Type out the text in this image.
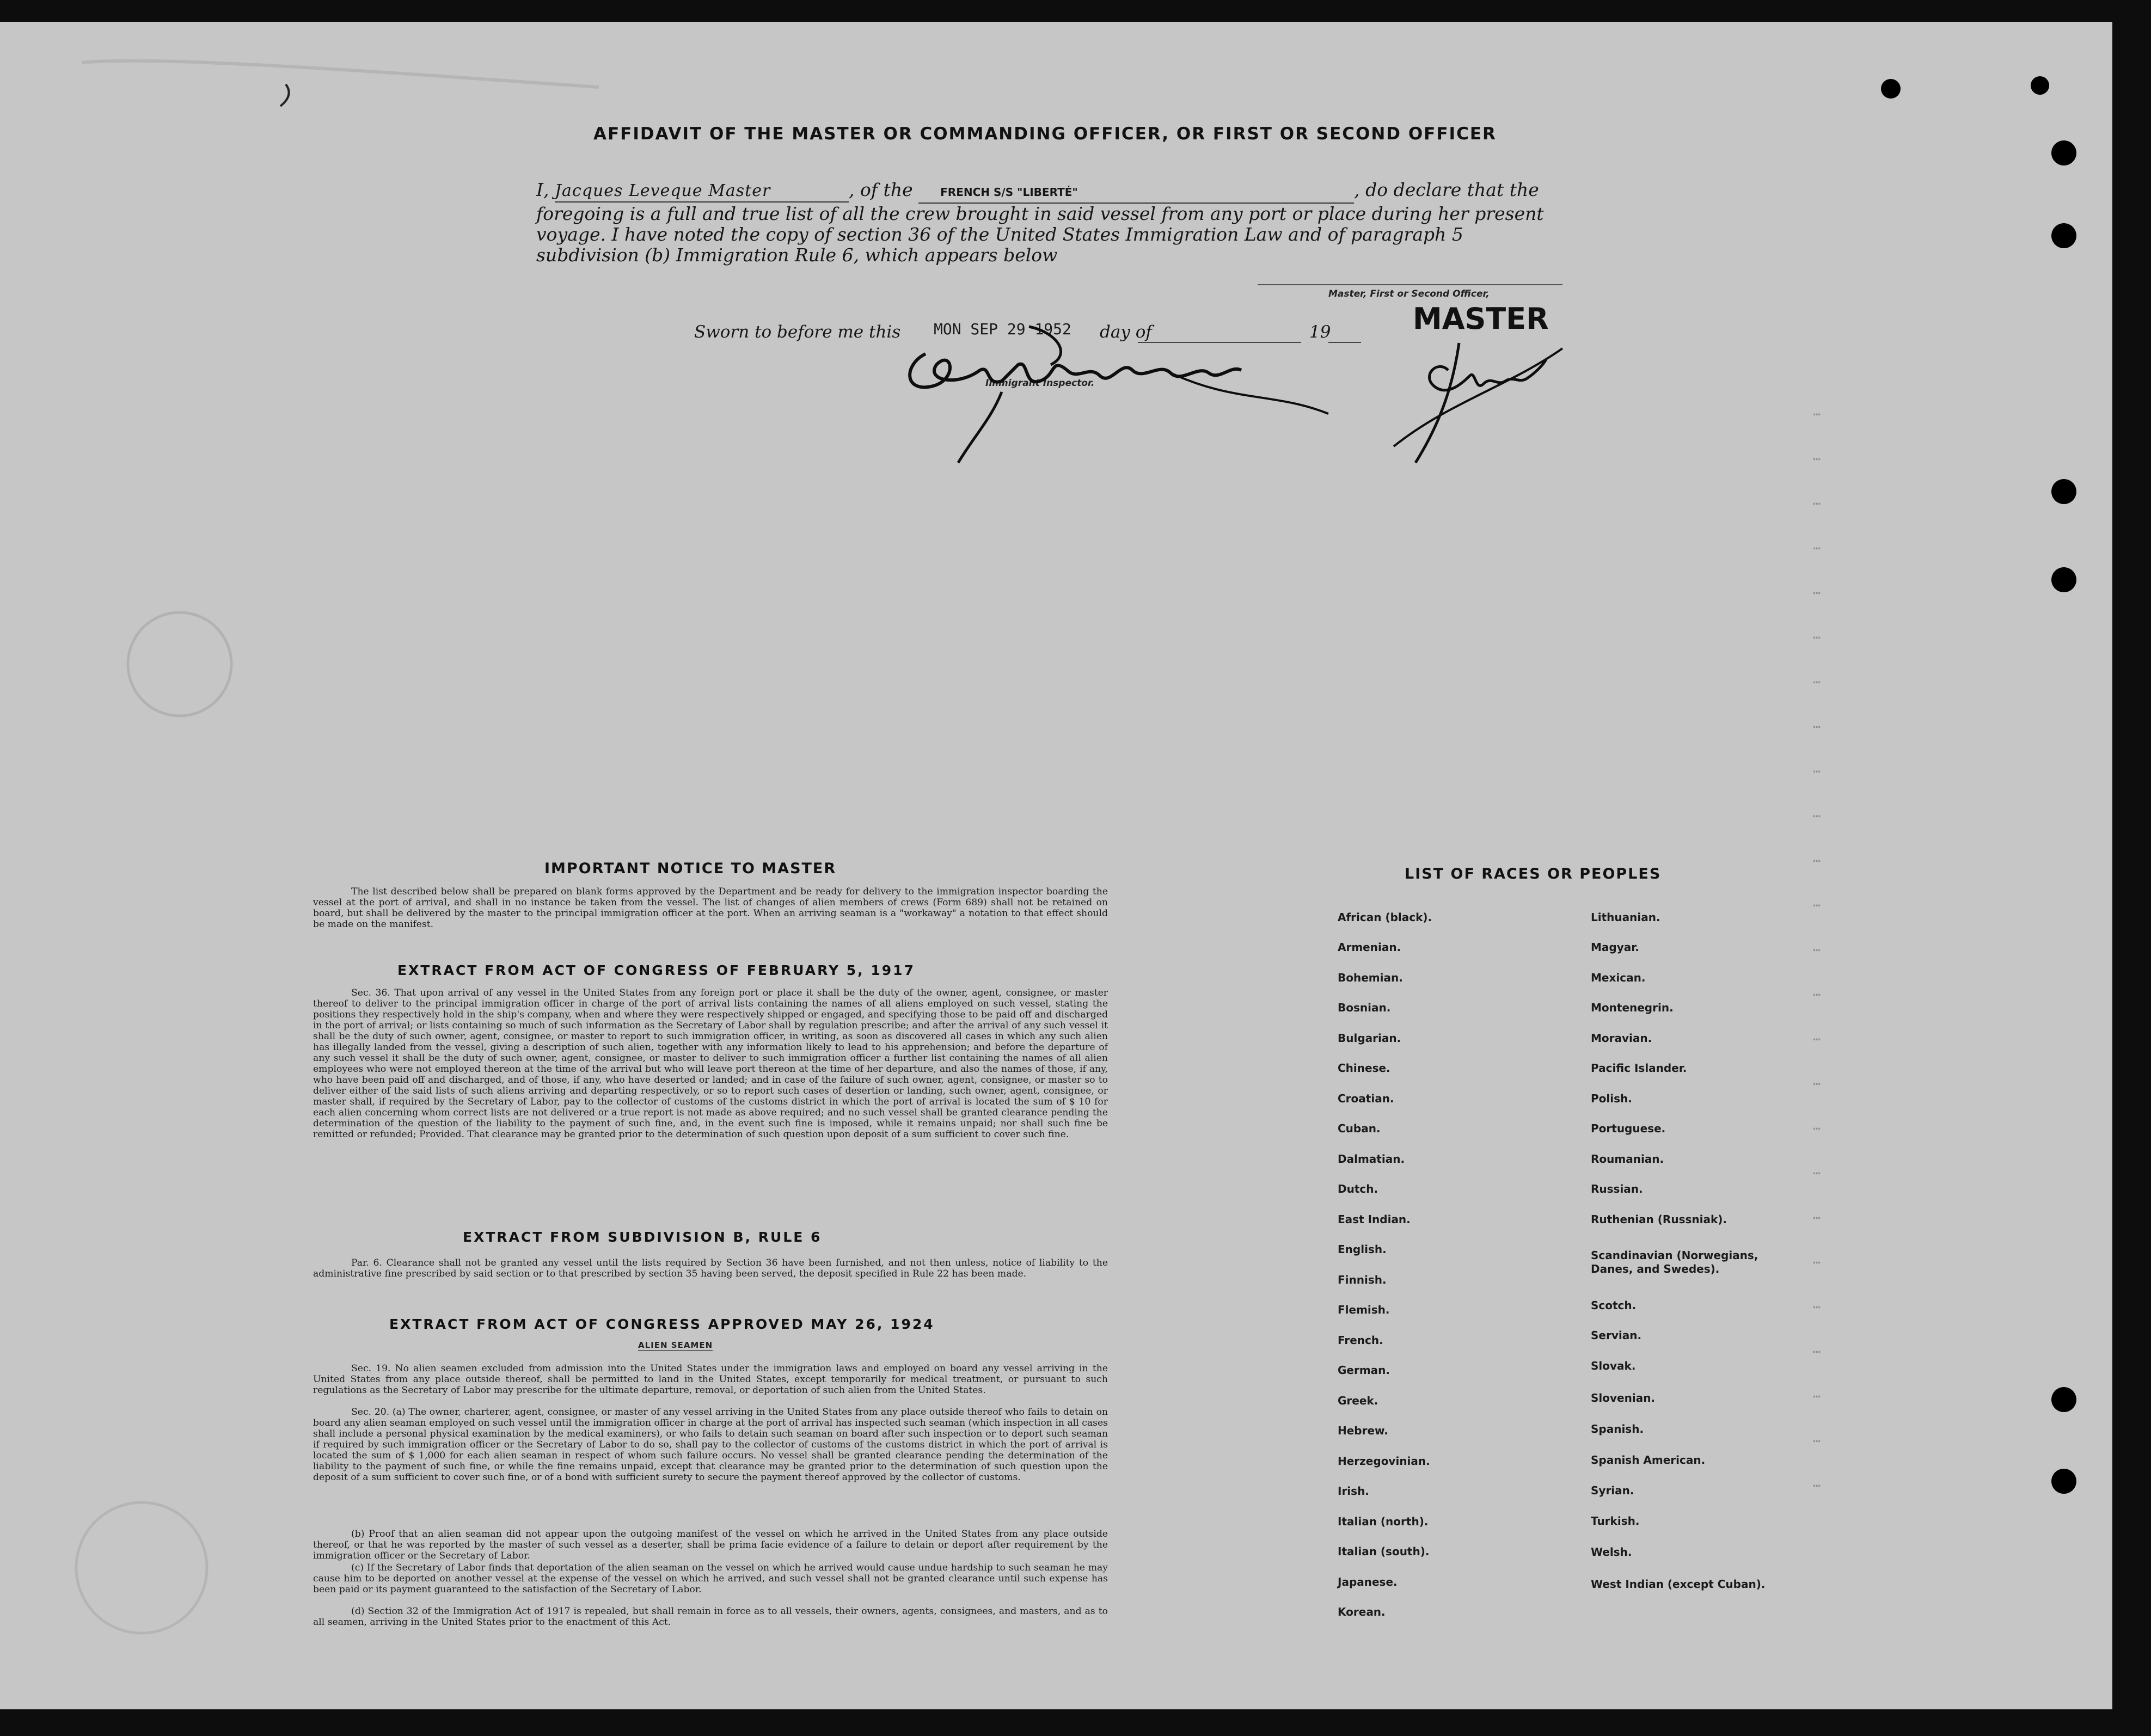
⋯
⋯
⋯
⋯
⋯
⋯
⋯
⋯
⋯
⋯
⋯
⋯
⋯
⋯
⋯
⋯
⋯
⋯
⋯
⋯
⋯
⋯
⋯
⋯
⋯
AFFIDAVIT OF THE MASTER OR COMMANDING OFFICER, OR FIRST OR SECOND OFFICER
I, Jacques Leveque Master	, of the	FRENCH S/S "LIBERTÉ"	, do declare that the foregoing is a full and true list of all the crew brought in said vessel from any port or place during her present voyage. I have noted the copy of section 36 of the United States Immigration Law and of paragraph 5 subdivision (b) Immigration Rule 6, which appears below
Master, First or Second Officer,
MASTER
Sworn to before me this MON SEP 29 1952 day of	19
Immigrant Inspector.
IMPORTANT NOTICE TO MASTER
The list described below shall be prepared on blank forms approved by the Department and be ready for delivery to the immigration inspector boarding the vessel at the port of arrival, and shall in no instance be taken from the vessel. The list of changes of alien members of crews (Form 689) shall not be retained on board, but shall be delivered by the master to the principal immigration officer at the port. When an arriving seaman is a "workaway" a notation to that effect should be made on the manifest.
EXTRACT FROM ACT OF CONGRESS OF FEBRUARY 5, 1917
Sec. 36. That upon arrival of any vessel in the United States from any foreign port or place it shall be the duty of the owner, agent, consignee, or master thereof to deliver to the principal immigration officer in charge of the port of arrival lists containing the names of all aliens employed on such vessel, stating the positions they respectively hold in the ship's company, when and where they were respectively shipped or engaged, and specifying those to be paid off and discharged in the port of arrival; or lists containing so much of such information as the Secretary of Labor shall by regulation prescribe; and after the arrival of any such vessel it shall be the duty of such owner, agent, consignee, or master to report to such immigration officer, in writing, as soon as discovered all cases in which any such alien has illegally landed from the vessel, giving a description of such alien, together with any information likely to lead to his apprehension; and before the departure of any such vessel it shall be the duty of such owner, agent, consignee, or master to deliver to such immigration officer a further list containing the names of all alien employees who were not employed thereon at the time of the arrival but who will leave port thereon at the time of her departure, and also the names of those, if any, who have been paid off and discharged, and of those, if any, who have deserted or landed; and in case of the failure of such owner, agent, consignee, or master so to deliver either of the said lists of such aliens arriving and departing respectively, or so to report such cases of desertion or landing, such owner, agent, consignee, or master shall, if required by the Secretary of Labor, pay to the collector of customs of the customs district in which the port of arrival is located the sum of $ 10 for each alien concerning whom correct lists are not delivered or a true report is not made as above required; and no such vessel shall be granted clearance pending the determination of the question of the liability to the payment of such fine, and, in the event such fine is imposed, while it remains unpaid; nor shall such fine be remitted or refunded; Provided. That clearance may be granted prior to the determination of such question upon deposit of a sum sufficient to cover such fine.
EXTRACT FROM SUBDIVISION B, RULE 6
Par. 6. Clearance shall not be granted any vessel until the lists required by Section 36 have been furnished, and not then unless, notice of liability to the administrative fine prescribed by said section or to that prescribed by section 35 having been served, the deposit specified in Rule 22 has been made.
EXTRACT FROM ACT OF CONGRESS APPROVED MAY 26, 1924
ALIEN SEAMEN
Sec. 19. No alien seamen excluded from admission into the United States under the immigration laws and employed on board any vessel arriving in the United States from any place outside thereof, shall be permitted to land in the United States, except temporarily for medical treatment, or pursuant to such regulations as the Secretary of Labor may prescribe for the ultimate departure, removal, or deportation of such alien from the United States.
Sec. 20. (a) The owner, charterer, agent, consignee, or master of any vessel arriving in the United States from any place outside thereof who fails to detain on board any alien seaman employed on such vessel until the immigration officer in charge at the port of arrival has inspected such seaman (which inspection in all cases shall include a personal physical examination by the medical examiners), or who fails to detain such seaman on board after such inspection or to deport such seaman if required by such immigration officer or the Secretary of Labor to do so, shall pay to the collector of customs of the customs district in which the port of arrival is located the sum of $ 1,000 for each alien seaman in respect of whom such failure occurs. No vessel shall be granted clearance pending the determination of the liability to the payment of such fine, or while the fine remains unpaid, except that clearance may be granted prior to the determination of such question upon the deposit of a sum sufficient to cover such fine, or of a bond with sufficient surety to secure the payment thereof approved by the collector of customs.
(b) Proof that an alien seaman did not appear upon the outgoing manifest of the vessel on which he arrived in the United States from any place outside thereof, or that he was reported by the master of such vessel as a deserter, shall be prima facie evidence of a failure to detain or deport after requirement by the immigration officer or the Secretary of Labor.
(c) If the Secretary of Labor finds that deportation of the alien seaman on the vessel on which he arrived would cause undue hardship to such seaman he may cause him to be deported on another vessel at the expense of the vessel on which he arrived, and such vessel shall not be granted clearance until such expense has been paid or its payment guaranteed to the satisfaction of the Secretary of Labor.
(d) Section 32 of the Immigration Act of 1917 is repealed, but shall remain in force as to all vessels, their owners, agents, consignees, and masters, and as to all seamen, arriving in the United States prior to the enactment of this Act.
LIST OF RACES OR PEOPLES
African (black).
Armenian.
Bohemian.
Bosnian.
Bulgarian.
Chinese.
Croatian.
Cuban.
Dalmatian.
Dutch.
East Indian.
English.
Finnish.
Flemish.
French.
German.
Greek.
Hebrew.
Herzegovinian.
Irish.
Italian (north).
Italian (south).
Japanese.
Korean.
Lithuanian.
Magyar.
Mexican.
Montenegrin.
Moravian.
Pacific Islander.
Polish.
Portuguese.
Roumanian.
Russian.
Ruthenian (Russniak).
Scandinavian (Norwegians, Danes, and Swedes).
Scotch.
Servian.
Slovak.
Slovenian.
Spanish.
Spanish American.
Syrian.
Turkish.
Welsh.
West Indian (except Cuban).
